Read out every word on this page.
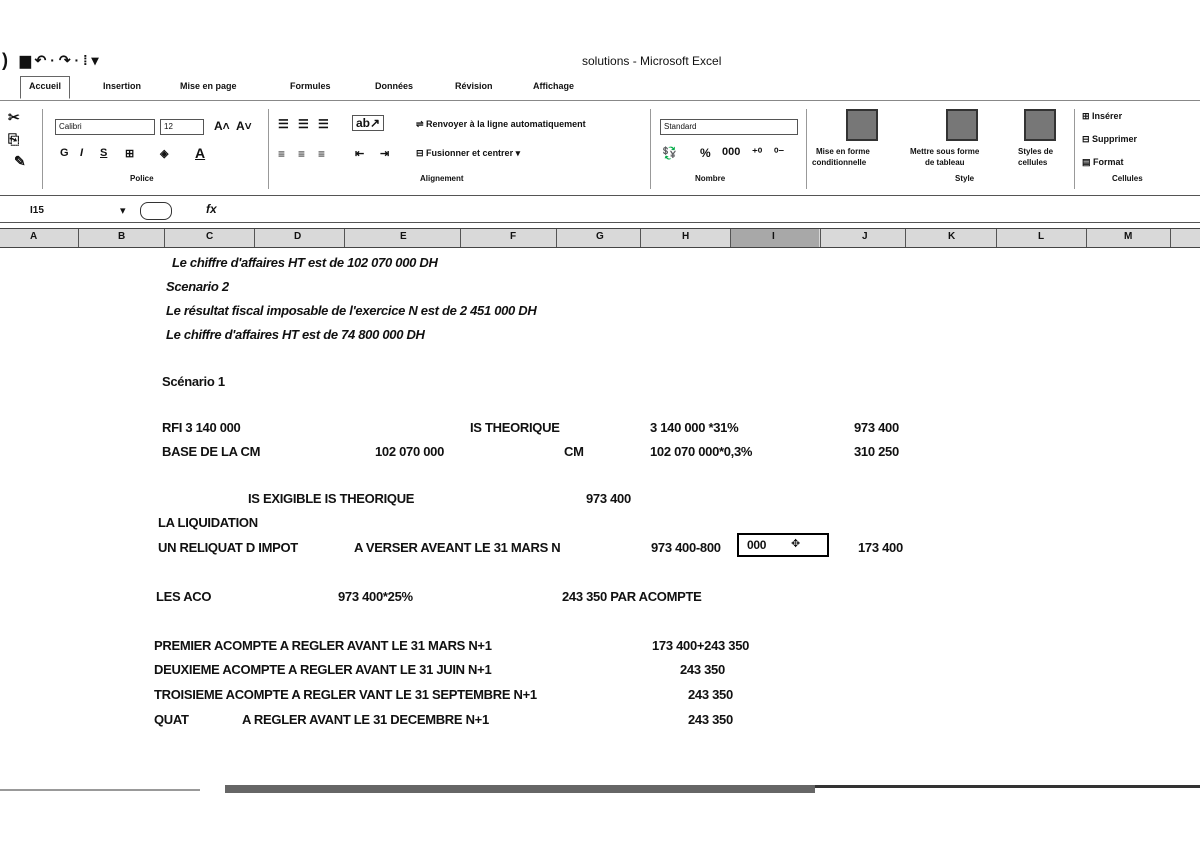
) ▆ ↶ · ↷ · ⁞ ▾	solutions - Microsoft Excel
Accueil	Insertion	Mise en page	Formules	Données	Révision	Affichage
✂
⎘
✎
Calibri	12	A˄ A˅
G I S ⊞ ◈ A
Police
☰ ☰ ☰	ab↗
≡ ≡ ≡	⇤ ⇥
⇌ Renvoyer à la ligne automatiquement
⊟ Fusionner et centrer ▾
Alignement
Standard
💱 % 000 ⁺⁰ ⁰⁻
Nombre
Mise en forme
conditionnelle
Mettre sous forme
de tableau
Styles de
cellules
Style
⊞ Insérer
⊟ Supprimer
▤ Format
Cellules
I15	▾	fx
A	B	C	D	E	F	G	H	I	J	K	L	M
Le chiffre d'affaires HT est de 102 070 000 DH
Scenario 2
Le résultat fiscal imposable de l'exercice N est de 2 451 000 DH
Le chiffre d'affaires HT est de 74 800 000 DH
Scénario 1
RFI 3 140 000	IS THEORIQUE	3 140 000 *31%	973 400
BASE DE LA CM	102 070 000	CM	102 070 000*0,3%	310 250
IS EXIGIBLE IS THEORIQUE	973 400
LA LIQUIDATION
UN RELIQUAT D IMPOT	A VERSER AVEANT LE 31 MARS N	973 400-800 000 ✥	173 400
LES ACO	973 400*25%	243 350 PAR ACOMPTE
PREMIER ACOMPTE A REGLER AVANT LE 31 MARS N+1	173 400+243 350
DEUXIEME ACOMPTE A REGLER AVANT LE 31 JUIN N+1	243 350
TROISIEME ACOMPTE A REGLER VANT LE 31 SEPTEMBRE N+1	243 350
QUAT	A REGLER AVANT LE 31 DECEMBRE N+1	243 350
